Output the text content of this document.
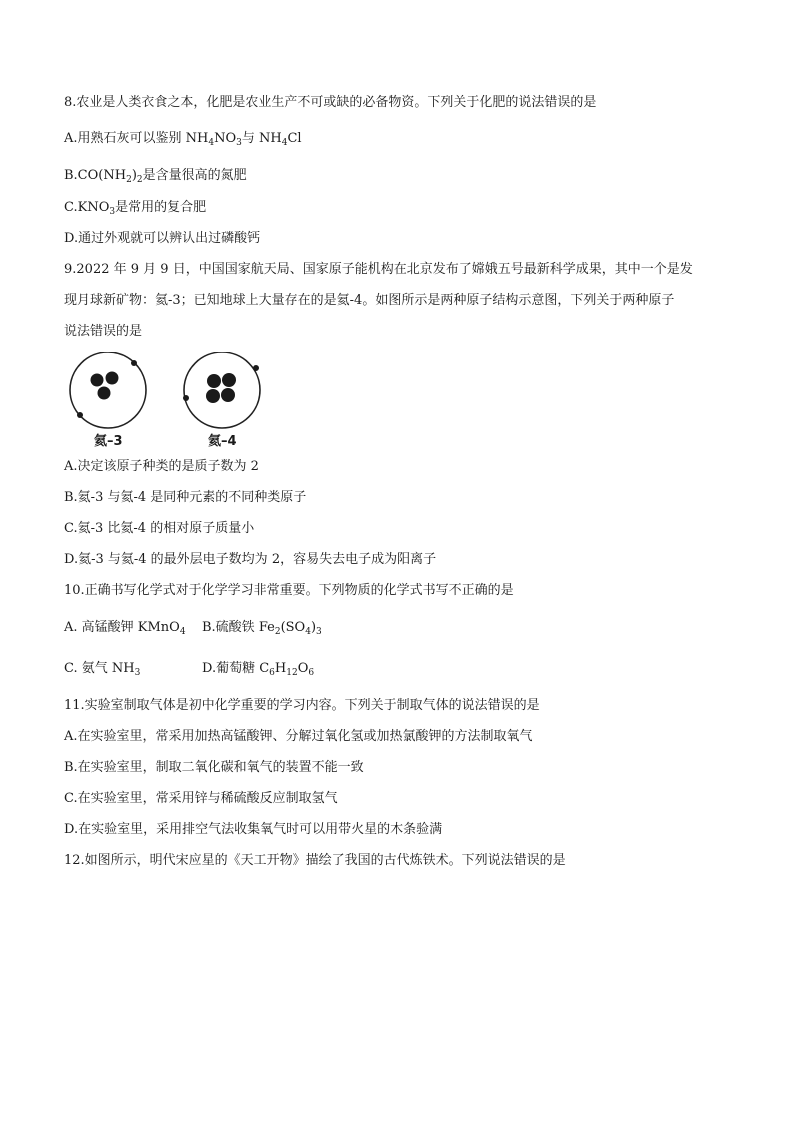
8.农业是人类衣食之本，化肥是农业生产不可或缺的必备物资。下列关于化肥的说法错误的是
A.用熟石灰可以鉴别 $NH_4NO_3$与 $NH_4Cl$
$B.CO(NH_2)_2$是含量很高的氮肥
$C.KNO_3$是常用的复合肥
D.通过外观就可以辨认出过磷酸钙
9.2022 年 9 月 9 日，中国国家航天局、国家原子能机构在北京发布了嫦娥五号最新科学成果，其中一个是发
现月球新矿物：氦-3；已知地球上大量存在的是氦-4。如图所示是两种原子结构示意图，下列关于两种原子
说法错误的是
氦–3	氦–4
A.决定该原子种类的是质子数为 2
B.氦-3 与氦-4 是同种元素的不同种类原子
C.氦-3 比氦-4 的相对原子质量小
D.氦-3 与氦-4 的最外层电子数均为 2，容易失去电子成为阳离子
10.正确书写化学式对于化学学习非常重要。下列物质的化学式书写不正确的是
A. 高锰酸钾 KMnO$_4$ B.硫酸铁 $Fe_2(SO_4)_3$
C. 氨气 $NH_3$	D.葡萄糖 $C_6H_{12}O_6$
11.实验室制取气体是初中化学重要的学习内容。下列关于制取气体的说法错误的是
A.在实验室里，常采用加热高锰酸钾、分解过氧化氢或加热氯酸钾的方法制取氧气
B.在实验室里，制取二氧化碳和氧气的装置不能一致
C.在实验室里，常采用锌与稀硫酸反应制取氢气
D.在实验室里，采用排空气法收集氧气时可以用带火星的木条验满
12.如图所示，明代宋应星的《天工开物》描绘了我国的古代炼铁术。下列说法错误的是
